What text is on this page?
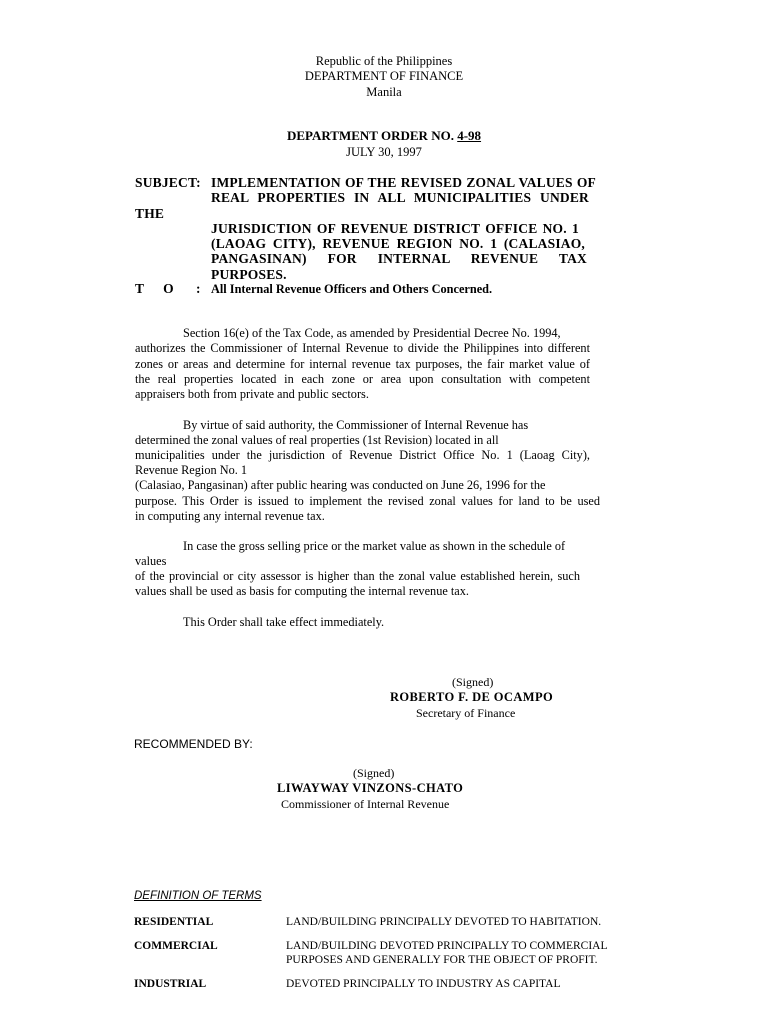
Republic of the Philippines
DEPARTMENT OF FINANCE
Manila
DEPARTMENT ORDER NO. 4-98
JULY 30, 1997
SUBJECT:
THE
IMPLEMENTATION OF THE REVISED ZONAL VALUES OF
REAL PROPERTIES IN ALL MUNICIPALITIES UNDER
JURISDICTION OF REVENUE DISTRICT OFFICE NO. 1
(LAOAG CITY), REVENUE REGION NO. 1 (CALASIAO,
PANGASINAN) FOR INTERNAL REVENUE TAX PURPOSES.
T O : All Internal Revenue Officers and Others Concerned.
Section 16(e) of the Tax Code, as amended by Presidential Decree No. 1994,
authorizes the Commissioner of Internal Revenue to divide the Philippines into different
zones or areas and determine for internal revenue tax purposes, the fair market value of
the real properties located in each zone or area upon consultation with competent
appraisers both from private and public sectors.
By virtue of said authority, the Commissioner of Internal Revenue has
determined the zonal values of real properties (1st Revision) located in all
municipalities under the jurisdiction of Revenue District Office No. 1 (Laoag City),
Revenue Region No. 1
(Calasiao, Pangasinan) after public hearing was conducted on June 26, 1996 for the
purpose. This Order is issued to implement the revised zonal values for land to be used
in computing any internal revenue tax.
In case the gross selling price or the market value as shown in the schedule of
values
of the provincial or city assessor is higher than the zonal value established herein, such
values shall be used as basis for computing the internal revenue tax.
This Order shall take effect immediately.
(Signed)
ROBERTO F. DE OCAMPO
Secretary of Finance
RECOMMENDED BY:
(Signed)
LIWAYWAY VINZONS-CHATO
Commissioner of Internal Revenue
DEFINITION OF TERMS
RESIDENTIAL	LAND/BUILDING PRINCIPALLY DEVOTED TO HABITATION.
COMMERCIAL	LAND/BUILDING DEVOTED PRINCIPALLY TO COMMERCIAL
PURPOSES AND GENERALLY FOR THE OBJECT OF PROFIT.
INDUSTRIAL	DEVOTED PRINCIPALLY TO INDUSTRY AS CAPITAL
